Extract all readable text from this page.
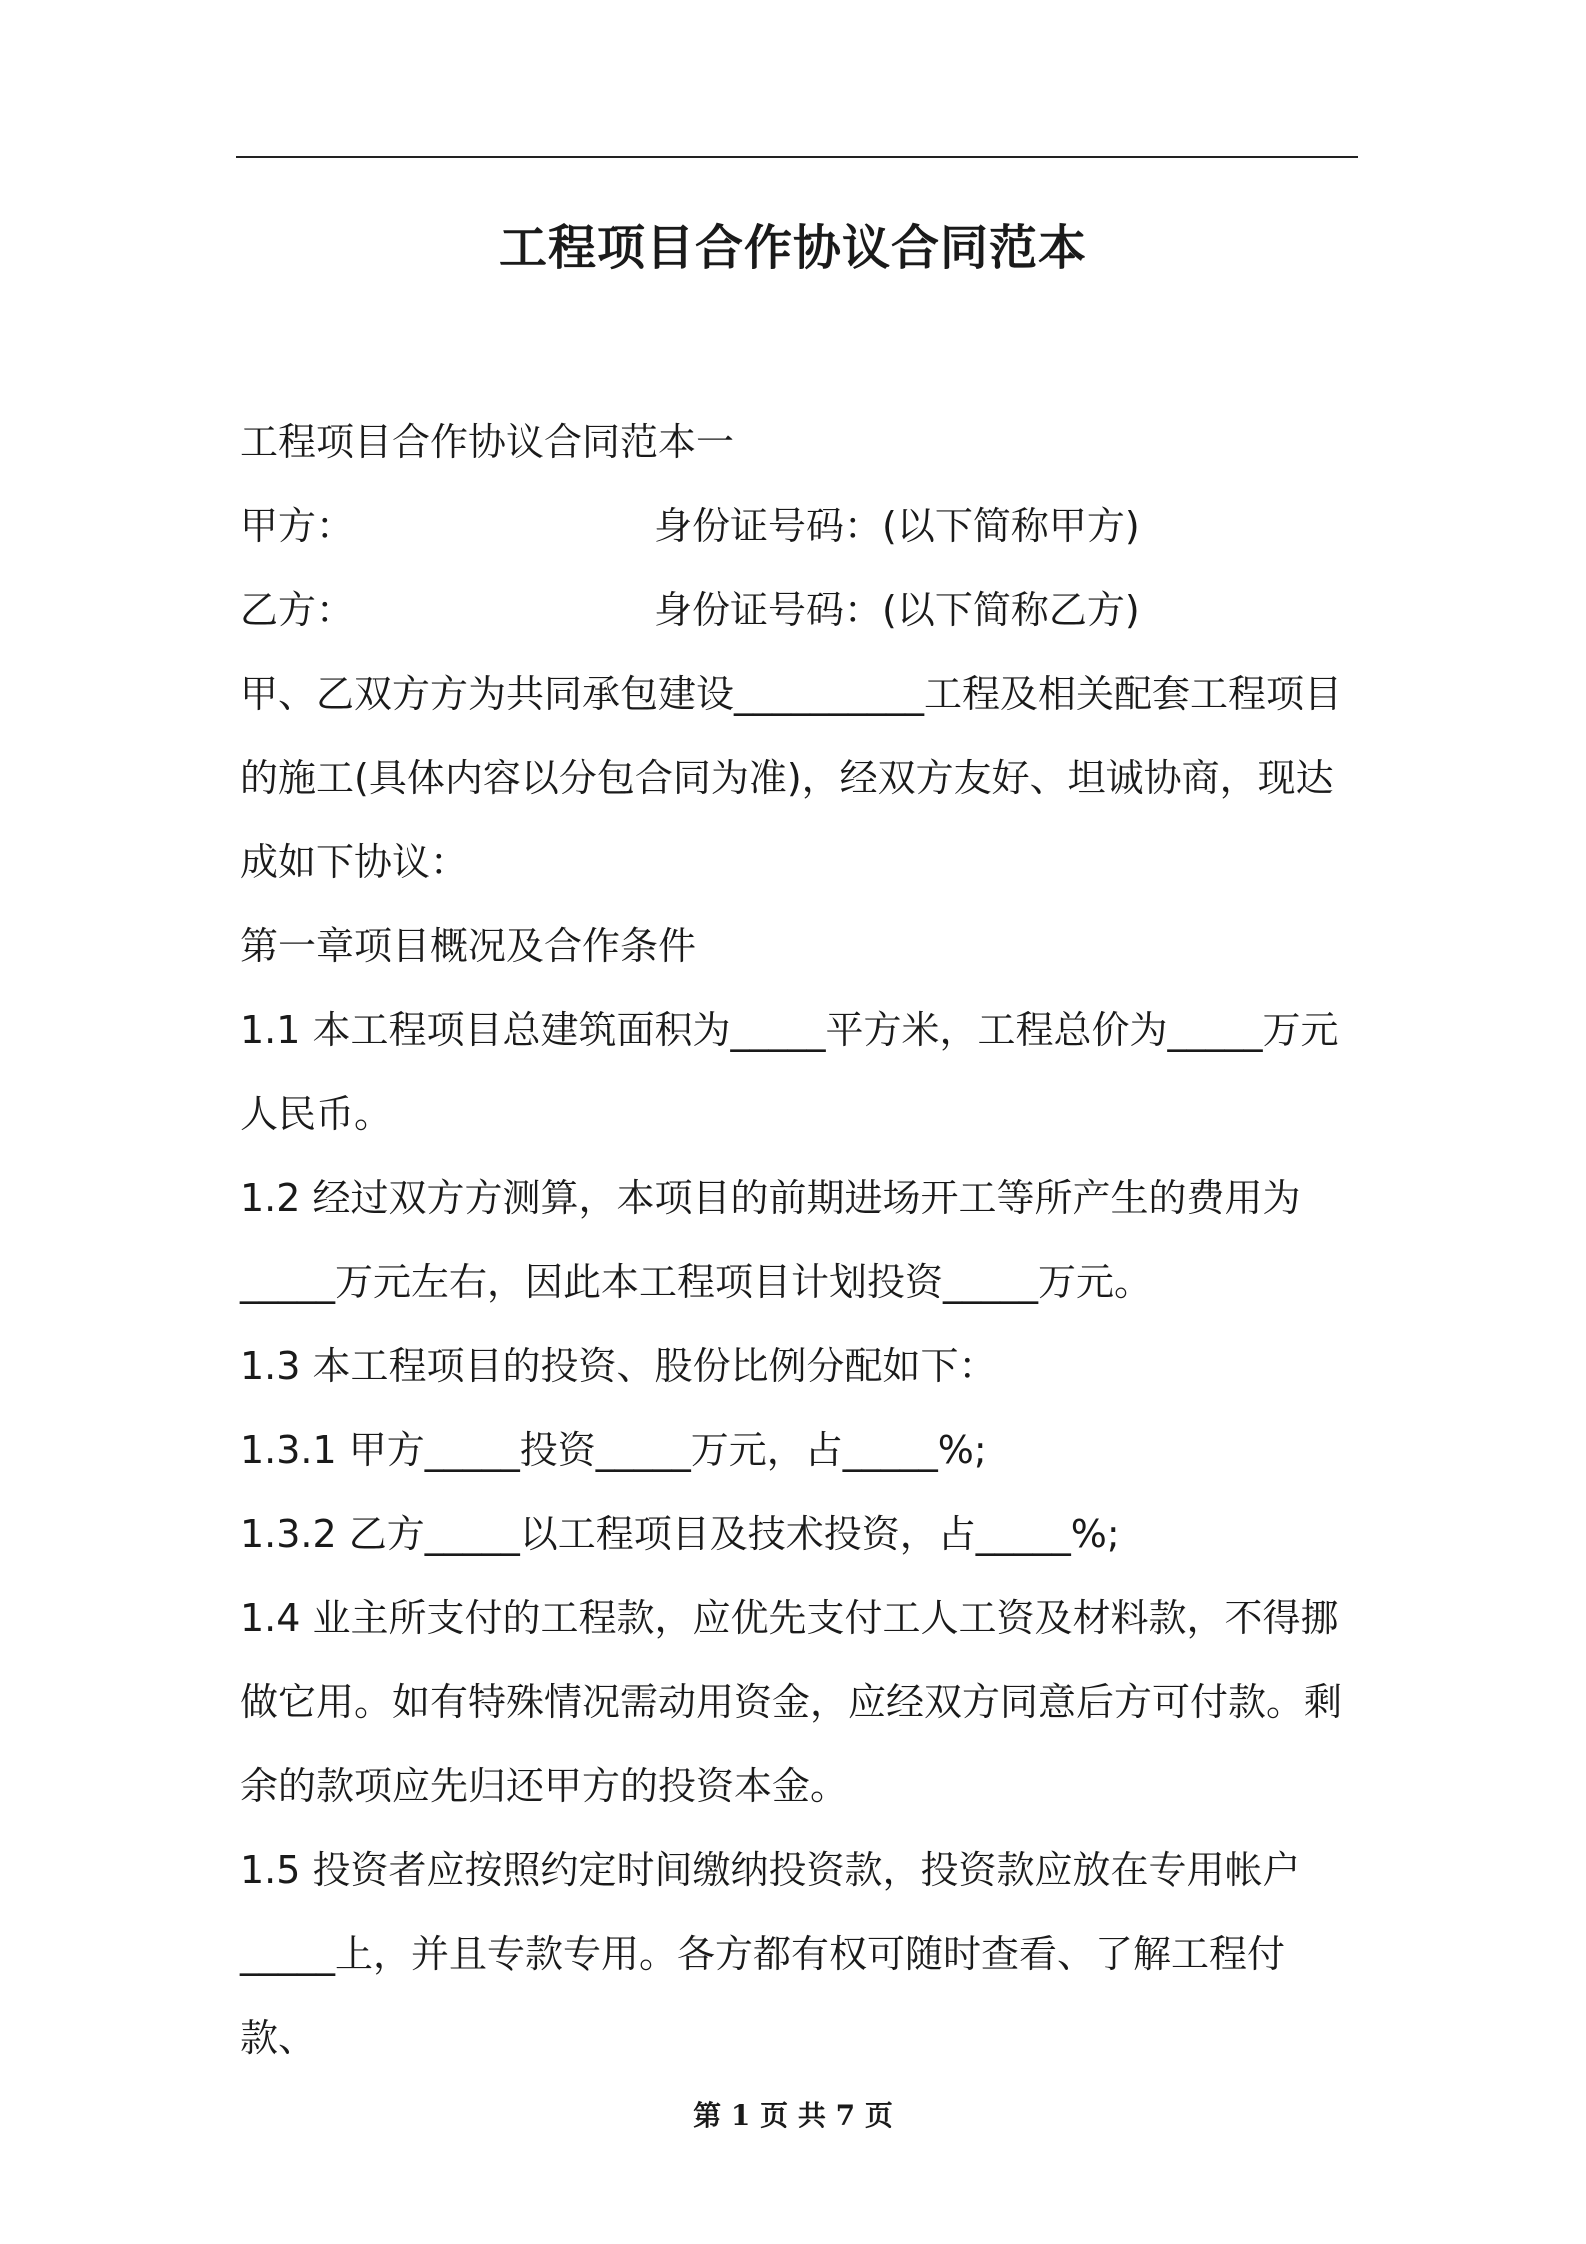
工程项目合作协议合同范本

工程项目合作协议合同范本一

甲方：	身份证号码：(以下简称甲方)
乙方：	身份证号码：(以下简称乙方)

甲、乙双方方为共同承包建设__________工程及相关配套工程项目的施工(具体内容以分包合同为准)，经双方友好、坦诚协商，现达成如下协议：

第一章项目概况及合作条件

1.1 本工程项目总建筑面积为_____平方米，工程总价为_____万元人民币。

1.2 经过双方方测算，本项目的前期进场开工等所产生的费用为_____万元左右，因此本工程项目计划投资_____万元。

1.3 本工程项目的投资、股份比例分配如下：

1.3.1 甲方_____投资_____万元，占_____%;

1.3.2 乙方_____以工程项目及技术投资，占_____%;

1.4 业主所支付的工程款，应优先支付工人工资及材料款，不得挪做它用。如有特殊情况需动用资金，应经双方同意后方可付款。剩余的款项应先归还甲方的投资本金。

1.5 投资者应按照约定时间缴纳投资款，投资款应放在专用帐户_____上，并且专款专用。各方都有权可随时查看、了解工程付款、

第 1 页 共 7 页
